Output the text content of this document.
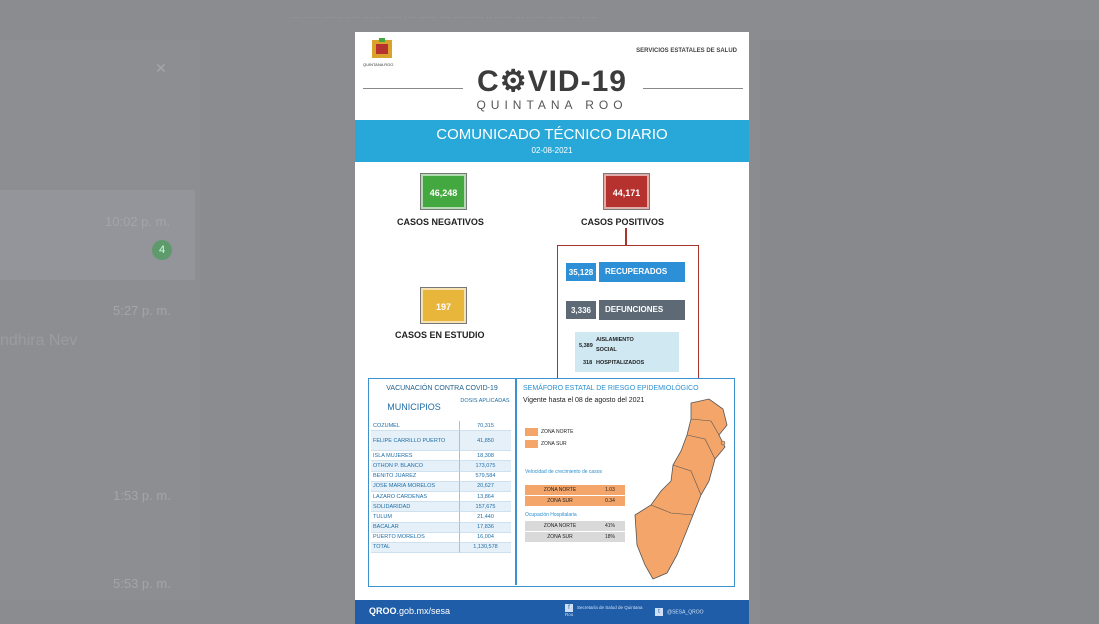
···· ····· ······· ····· ······ ······ ···· ······ ···· ·········· ·· ······ ··· ······ ······ ···· ·····
✕
10:02 p. m.
4
5:27 p. m.
ndhira Nev
1:53 p. m.
5:53 p. m.
QUINTANA ROO
SERVICIOS ESTATALES DE SALUD
C⚙VID-19
QUINTANA ROO
COMUNICADO TÉCNICO DIARIO
02-08-2021
46,248
CASOS NEGATIVOS
44,171
CASOS POSITIVOS
197
CASOS EN ESTUDIO
35,128	RECUPERADOS
3,336	DEFUNCIONES
5,389
AISLAMIENTO
SOCIAL
318 HOSPITALIZADOS
VACUNACIÓN CONTRA COVID-19
MUNICIPIOS
DOSIS APLICADAS
COZUMEL	70,315
FELIPE CARRILLO PUERTO	41,850
ISLA MUJERES	18,308
OTHON P. BLANCO	173,075
BENITO JUAREZ	579,584
JOSE MARIA MORELOS	20,627
LAZARO CARDENAS	13,864
SOLIDARIDAD	157,675
TULUM	21,440
BACALAR	17,836
PUERTO MORELOS	16,004
TOTAL	1,130,578
SEMÁFORO ESTATAL DE RIESGO EPIDEMIOLÓGICO
Vigente hasta el 08 de agosto del 2021
ZONA NORTE
ZONA SUR
Velocidad de crecimiento de casos
ZONA NORTE	1.03
ZONA SUR	0.34
Ocupación Hospitalaria
ZONA NORTE	41%
ZONA SUR	18%
QROO.gob.mx/sesa	f Secretaría de Salud de Quintana Roo	t @SESA_QROO
